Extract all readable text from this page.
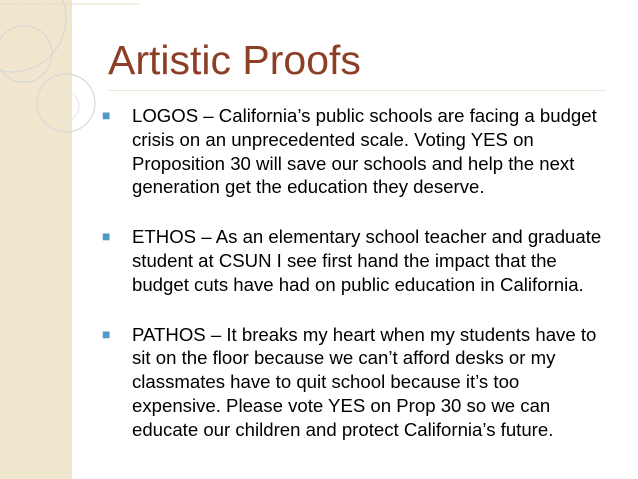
Artistic Proofs
■ LOGOS – California’s public schools are facing a budget crisis on an unprecedented scale. Voting YES on Proposition 30 will save our schools and help the next generation get the education they deserve.
■ ETHOS – As an elementary school teacher and graduate student at CSUN I see first hand the impact that the budget cuts have had on public education in California.
■ PATHOS – It breaks my heart when my students have to sit on the floor because we can’t afford desks or my classmates have to quit school because it’s too expensive. Please vote YES on Prop 30 so we can educate our children and protect California’s future.
